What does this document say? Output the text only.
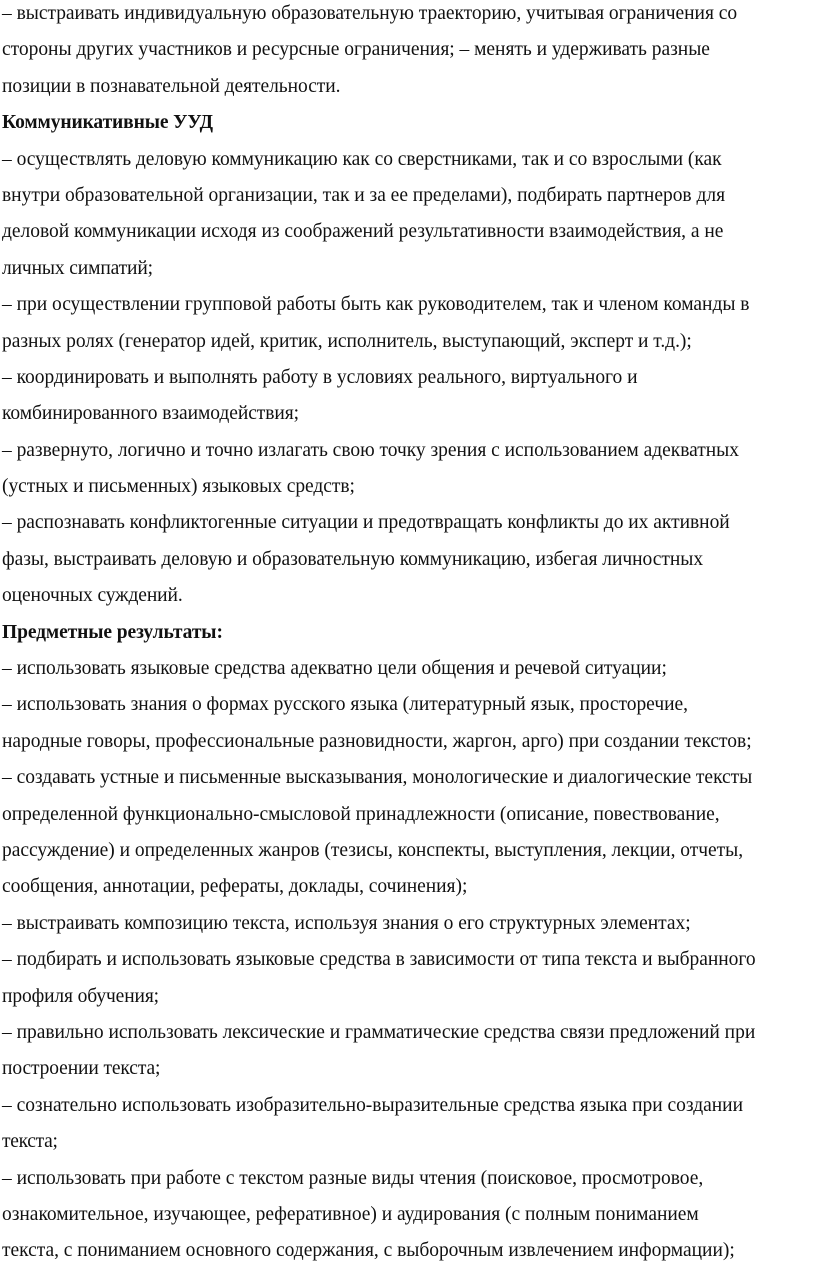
– выстраивать индивидуальную образовательную траекторию, учитывая ограничения со
стороны других участников и ресурсные ограничения; – менять и удерживать разные
позиции в познавательной деятельности.
Коммуникативные УУД
– осуществлять деловую коммуникацию как со сверстниками, так и со взрослыми (как
внутри образовательной организации, так и за ее пределами), подбирать партнеров для
деловой коммуникации исходя из соображений результативности взаимодействия, а не
личных симпатий;
– при осуществлении групповой работы быть как руководителем, так и членом команды в
разных ролях (генератор идей, критик, исполнитель, выступающий, эксперт и т.д.);
– координировать и выполнять работу в условиях реального, виртуального и
комбинированного взаимодействия;
– развернуто, логично и точно излагать свою точку зрения с использованием адекватных
(устных и письменных) языковых средств;
– распознавать конфликтогенные ситуации и предотвращать конфликты до их активной
фазы, выстраивать деловую и образовательную коммуникацию, избегая личностных
оценочных суждений.
Предметные результаты:
– использовать языковые средства адекватно цели общения и речевой ситуации;
– использовать знания о формах русского языка (литературный язык, просторечие,
народные говоры, профессиональные разновидности, жаргон, арго) при создании текстов;
– создавать устные и письменные высказывания, монологические и диалогические тексты
определенной функционально-смысловой принадлежности (описание, повествование,
рассуждение) и определенных жанров (тезисы, конспекты, выступления, лекции, отчеты,
сообщения, аннотации, рефераты, доклады, сочинения);
– выстраивать композицию текста, используя знания о его структурных элементах;
– подбирать и использовать языковые средства в зависимости от типа текста и выбранного
профиля обучения;
– правильно использовать лексические и грамматические средства связи предложений при
построении текста;
– сознательно использовать изобразительно-выразительные средства языка при создании
текста;
– использовать при работе с текстом разные виды чтения (поисковое, просмотровое,
ознакомительное, изучающее, реферативное) и аудирования (с полным пониманием
текста, с пониманием основного содержания, с выборочным извлечением информации);
